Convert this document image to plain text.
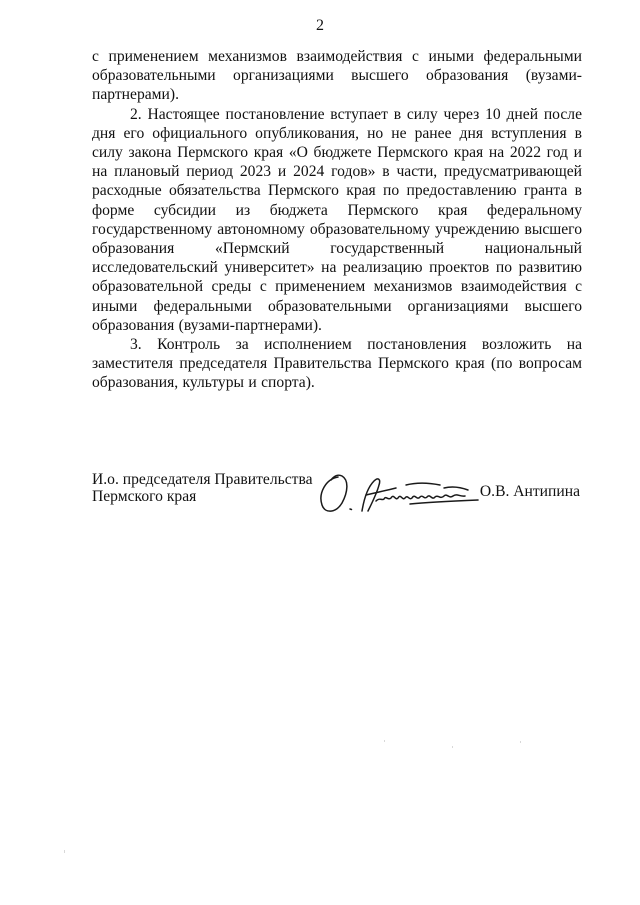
2

с применением механизмов взаимодействия с иными федеральными образовательными организациями высшего образования (вузами-партнерами).

2. Настоящее постановление вступает в силу через 10 дней после дня его официального опубликования, но не ранее дня вступления в силу закона Пермского края «О бюджете Пермского края на 2022 год и на плановый период 2023 и 2024 годов» в части, предусматривающей расходные обязательства Пермского края по предоставлению гранта в форме субсидии из бюджета Пермского края федеральному государственному автономному образовательному учреждению высшего образования «Пермский государственный национальный исследовательский университет» на реализацию проектов по развитию образовательной среды с применением механизмов взаимодействия с иными федеральными образовательными организациями высшего образования (вузами-партнерами).

3. Контроль за исполнением постановления возложить на заместителя председателя Правительства Пермского края (по вопросам образования, культуры и спорта).

И.о. председателя Правительства
Пермского края	О.В. Антипина
